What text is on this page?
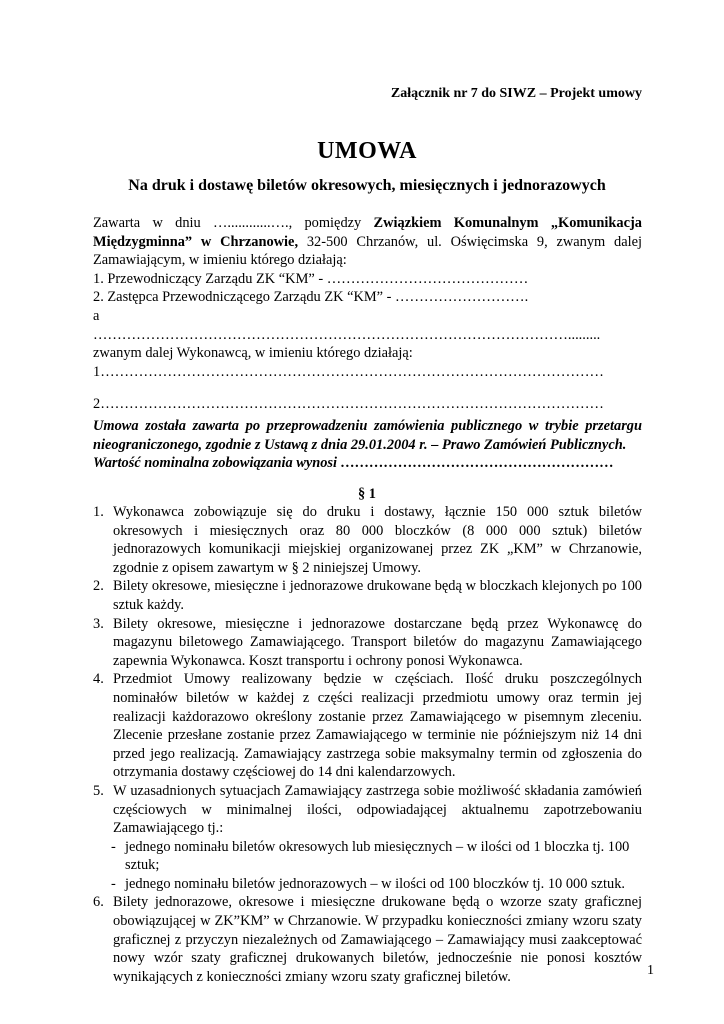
Załącznik nr 7 do SIWZ – Projekt umowy
UMOWA
Na druk i dostawę biletów okresowych, miesięcznych i jednorazowych
Zawarta w dniu …............…., pomiędzy Związkiem Komunalnym „Komunikacja Międzygminna” w Chrzanowie, 32-500 Chrzanów, ul. Oświęcimska 9, zwanym dalej Zamawiającym, w imieniu którego działają:
1. Przewodniczący Zarządu ZK “KM” - ……………………………………
2. Zastępca Przewodniczącego Zarządu ZK “KM” - ……………………….
a
……………………………………………………………………………………….........
zwanym dalej Wykonawcą, w imieniu którego działają:
1……………………………………………………………………………………………
2……………………………………………………………………………………………
Umowa została zawarta po przeprowadzeniu zamówienia publicznego w trybie przetargu nieograniczonego, zgodnie z Ustawą z dnia 29.01.2004 r. – Prawo Zamówień Publicznych.
Wartość nominalna zobowiązania wynosi …………………………………………………
§ 1
1. Wykonawca zobowiązuje się do druku i dostawy, łącznie 150 000 sztuk biletów okresowych i miesięcznych oraz 80 000 bloczków (8 000 000 sztuk) biletów jednorazowych komunikacji miejskiej organizowanej przez ZK „KM” w Chrzanowie, zgodnie z opisem zawartym w § 2 niniejszej Umowy.
2. Bilety okresowe, miesięczne i jednorazowe drukowane będą w bloczkach klejonych po 100 sztuk każdy.
3. Bilety okresowe, miesięczne i jednorazowe dostarczane będą przez Wykonawcę do magazynu biletowego Zamawiającego. Transport biletów do magazynu Zamawiającego zapewnia Wykonawca. Koszt transportu i ochrony ponosi Wykonawca.
4. Przedmiot Umowy realizowany będzie w częściach. Ilość druku poszczególnych nominałów biletów w każdej z części realizacji przedmiotu umowy oraz termin jej realizacji każdorazowo określony zostanie przez Zamawiającego w pisemnym zleceniu. Zlecenie przesłane zostanie przez Zamawiającego w terminie nie późniejszym niż 14 dni przed jego realizacją. Zamawiający zastrzega sobie maksymalny termin od zgłoszenia do otrzymania dostawy częściowej do 14 dni kalendarzowych.
5. W uzasadnionych sytuacjach Zamawiający zastrzega sobie możliwość składania zamówień częściowych w minimalnej ilości, odpowiadającej aktualnemu zapotrzebowaniu Zamawiającego tj.:
- jednego nominału biletów okresowych lub miesięcznych – w ilości od 1 bloczka tj. 100 sztuk;
- jednego nominału biletów jednorazowych – w ilości od 100 bloczków tj. 10 000 sztuk.
6. Bilety jednorazowe, okresowe i miesięczne drukowane będą o wzorze szaty graficznej obowiązującej w ZK”KM” w Chrzanowie. W przypadku konieczności zmiany wzoru szaty graficznej z przyczyn niezależnych od Zamawiającego – Zamawiający musi zaakceptować nowy wzór szaty graficznej drukowanych biletów, jednocześnie nie ponosi kosztów wynikających z konieczności zmiany wzoru szaty graficznej biletów.	1
